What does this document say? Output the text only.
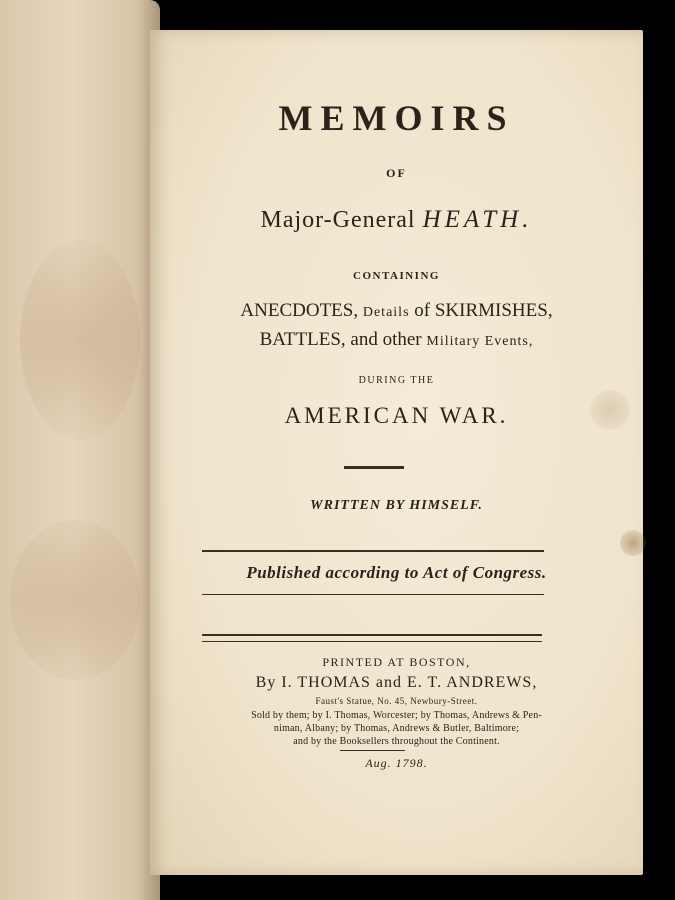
MEMOIRS
OF
Major-General HEATH.
CONTAINING
ANECDOTES, Details of SKIRMISHES,
BATTLES, and other Military Events,
DURING THE
AMERICAN WAR.
WRITTEN BY HIMSELF.
Published according to Act of Congress.
PRINTED AT BOSTON,
By I. THOMAS and E. T. ANDREWS,
Faust's Statue, No. 45, Newbury-Street.
Sold by them; by I. Thomas, Worcester; by Thomas, Andrews & Pen-
niman, Albany; by Thomas, Andrews & Butler, Baltimore;
and by the Booksellers throughout the Continent.
Aug. 1798.
